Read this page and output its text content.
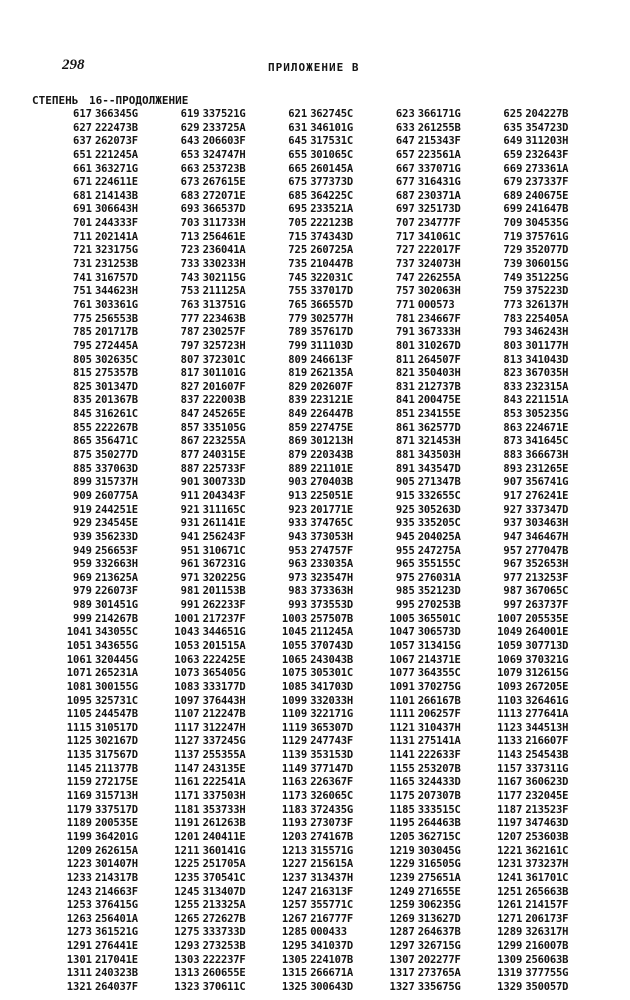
298	ПРИЛОЖЕНИЕ В
СТЕПЕНЬ 16--ПРОДОЛЖЕНИЕ
617 366345G	619 337521G	621 362745C	623 366171G	625 204227B
627 222473B	629 233725A	631 346101G	633 261255B	635 354723D
637 262073F	643 206603F	645 317531C	647 215343F	649 311203H
651 221245A	653 324747H	655 301065C	657 223561A	659 232643F
661 363271G	663 253723B	665 260145A	667 337071G	669 273361A
671 224611E	673 267615E	675 377373D	677 316431G	679 237337F
681 214143B	683 272071E	685 364225C	687 230371A	689 240675E
691 306643H	693 366537D	695 233521A	697 325173D	699 241647B
701 244333F	703 311733H	705 222123B	707 234777F	709 304535G
711 202141A	713 256461E	715 374343D	717 341061C	719 375761G
721 323175G	723 236041A	725 260725A	727 222017F	729 352077D
731 231253B	733 330233H	735 210447B	737 324073H	739 306015G
741 316757D	743 302115G	745 322031C	747 226255A	749 351225G
751 344623H	753 211125A	755 337017D	757 302063H	759 375223D
761 303361G	763 313751G	765 366557D	771 000573	773 326137H
775 256553B	777 223463B	779 302577H	781 234667F	783 225405A
785 201717B	787 230257F	789 357617D	791 367333H	793 346243H
795 272445A	797 325723H	799 311103D	801 310267D	803 301177H
805 302635C	807 372301C	809 246613F	811 264507F	813 341043D
815 275357B	817 301101G	819 262135A	821 350403H	823 367035H
825 301347D	827 201607F	829 202607F	831 212737B	833 232315A
835 201367B	837 222003B	839 223121E	841 200475E	843 221151A
845 316261C	847 245265E	849 226447B	851 234155E	853 305235G
855 222267B	857 335105G	859 227475E	861 362577D	863 224671E
865 356471C	867 223255A	869 301213H	871 321453H	873 341645C
875 350277D	877 240315E	879 220343B	881 343503H	883 366673H
885 337063D	887 225733F	889 221101E	891 343547D	893 231265E
899 315737H	901 300733D	903 270403B	905 271347B	907 356741G
909 260775A	911 204343F	913 225051E	915 332655C	917 276241E
919 244251E	921 311165C	923 201771E	925 305263D	927 337347D
929 234545E	931 261141E	933 374765C	935 335205C	937 303463H
939 356233D	941 256243F	943 373053H	945 204025A	947 346467H
949 256653F	951 310671C	953 274757F	955 247275A	957 277047B
959 332663H	961 367231G	963 233035A	965 355155C	967 352653H
969 213625A	971 320225G	973 323547H	975 276031A	977 213253F
979 226073F	981 201153B	983 373363H	985 352123D	987 367065C
989 301451G	991 262233F	993 373553D	995 270253B	997 263737F
999 214267B	1001 217237F	1003 257507B	1005 365501C	1007 205535E
1041 343055C	1043 344651G	1045 211245A	1047 306573D	1049 264001E
1051 343655G	1053 201515A	1055 370743D	1057 313415G	1059 307713D
1061 320445G	1063 222425E	1065 243043B	1067 214371E	1069 370321G
1071 265231A	1073 365405G	1075 305301C	1077 364355C	1079 312615G
1081 300155G	1083 333177D	1085 341703D	1091 370275G	1093 267205E
1095 325731C	1097 376443H	1099 332033H	1101 266167B	1103 326461G
1105 244547B	1107 212247B	1109 322171G	1111 206257F	1113 277641A
1115 310517D	1117 312247H	1119 365307D	1121 310437H	1123 344513H
1125 302167D	1127 337245G	1129 247743F	1131 275141A	1133 216607F
1135 317567D	1137 255355A	1139 353153D	1141 222633F	1143 254543B
1145 211377B	1147 243135E	1149 377147D	1155 253207B	1157 337311G
1159 272175E	1161 222541A	1163 226367F	1165 324433D	1167 360623D
1169 315713H	1171 337503H	1173 326065C	1175 207307B	1177 232045E
1179 337517D	1181 353733H	1183 372435G	1185 333515C	1187 213523F
1189 200535E	1191 261263B	1193 273073F	1195 264463B	1197 347463D
1199 364201G	1201 240411E	1203 274167B	1205 362715C	1207 253603B
1209 262615A	1211 360141G	1213 315571G	1219 303045G	1221 362161C
1223 301407H	1225 251705A	1227 215615A	1229 316505G	1231 373237H
1233 214317B	1235 370541C	1237 313437H	1239 275651A	1241 361701C
1243 214663F	1245 313407D	1247 216313F	1249 271655E	1251 265663B
1253 376415G	1255 213325A	1257 355771C	1259 306235G	1261 214157F
1263 256401A	1265 272627B	1267 216777F	1269 313627D	1271 206173F
1273 361521G	1275 333733D	1285 000433	1287 264637B	1289 326317H
1291 276441E	1293 273253B	1295 341037D	1297 326715G	1299 216007B
1301 217041E	1303 222237F	1305 224107B	1307 202277F	1309 256063B
1311 240323B	1313 260655E	1315 266671A	1317 273765A	1319 377755G
1321 264037F	1323 370611C	1325 300643D	1327 335675G	1329 350057D
